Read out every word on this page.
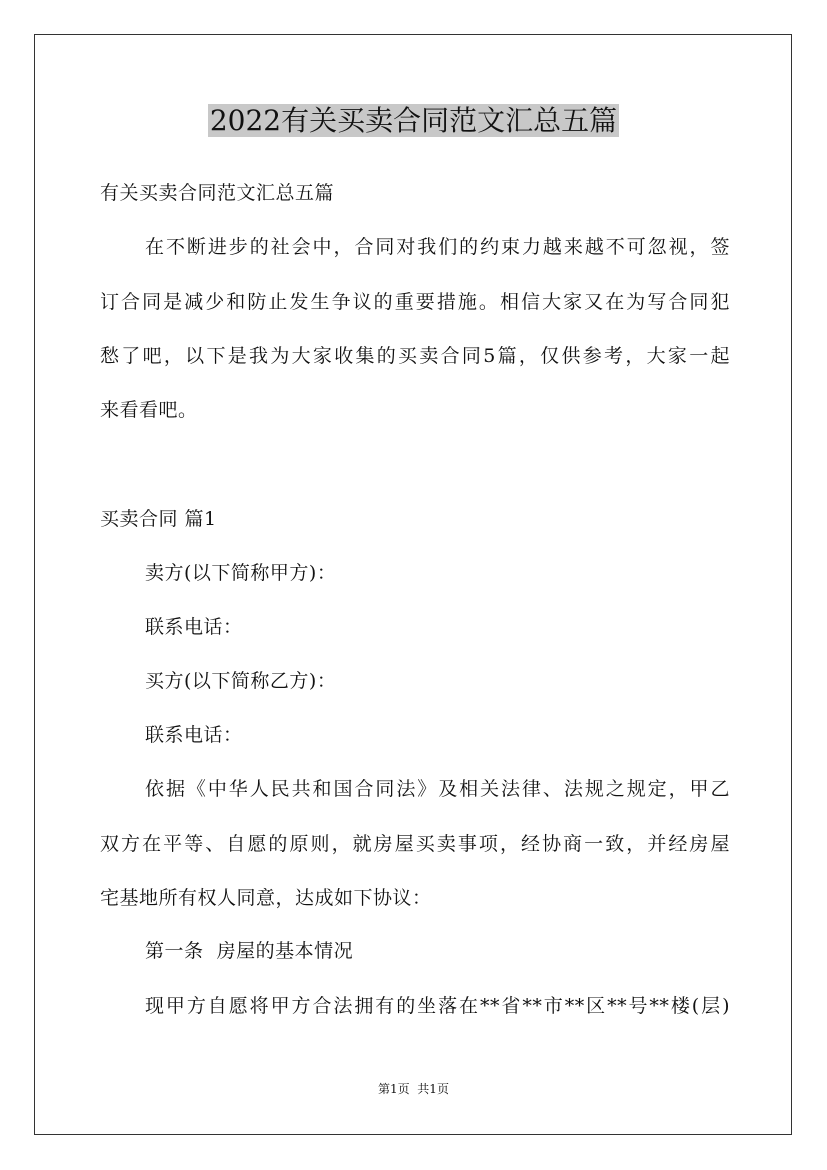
2022有关买卖合同范文汇总五篇
有关买卖合同范文汇总五篇
在不断进步的社会中，合同对我们的约束力越来越不可忽视，签
订合同是减少和防止发生争议的重要措施。相信大家又在为写合同犯
愁了吧，以下是我为大家收集的买卖合同5篇，仅供参考，大家一起
来看看吧。
买卖合同 篇1
卖方(以下简称甲方)：
联系电话：
买方(以下简称乙方)：
联系电话：
依据《中华人民共和国合同法》及相关法律、法规之规定，甲乙
双方在平等、自愿的原则，就房屋买卖事项，经协商一致，并经房屋
宅基地所有权人同意，达成如下协议：
第一条  房屋的基本情况
现甲方自愿将甲方合法拥有的坐落在**省**市**区**号**楼(层)
第1页  共1页
